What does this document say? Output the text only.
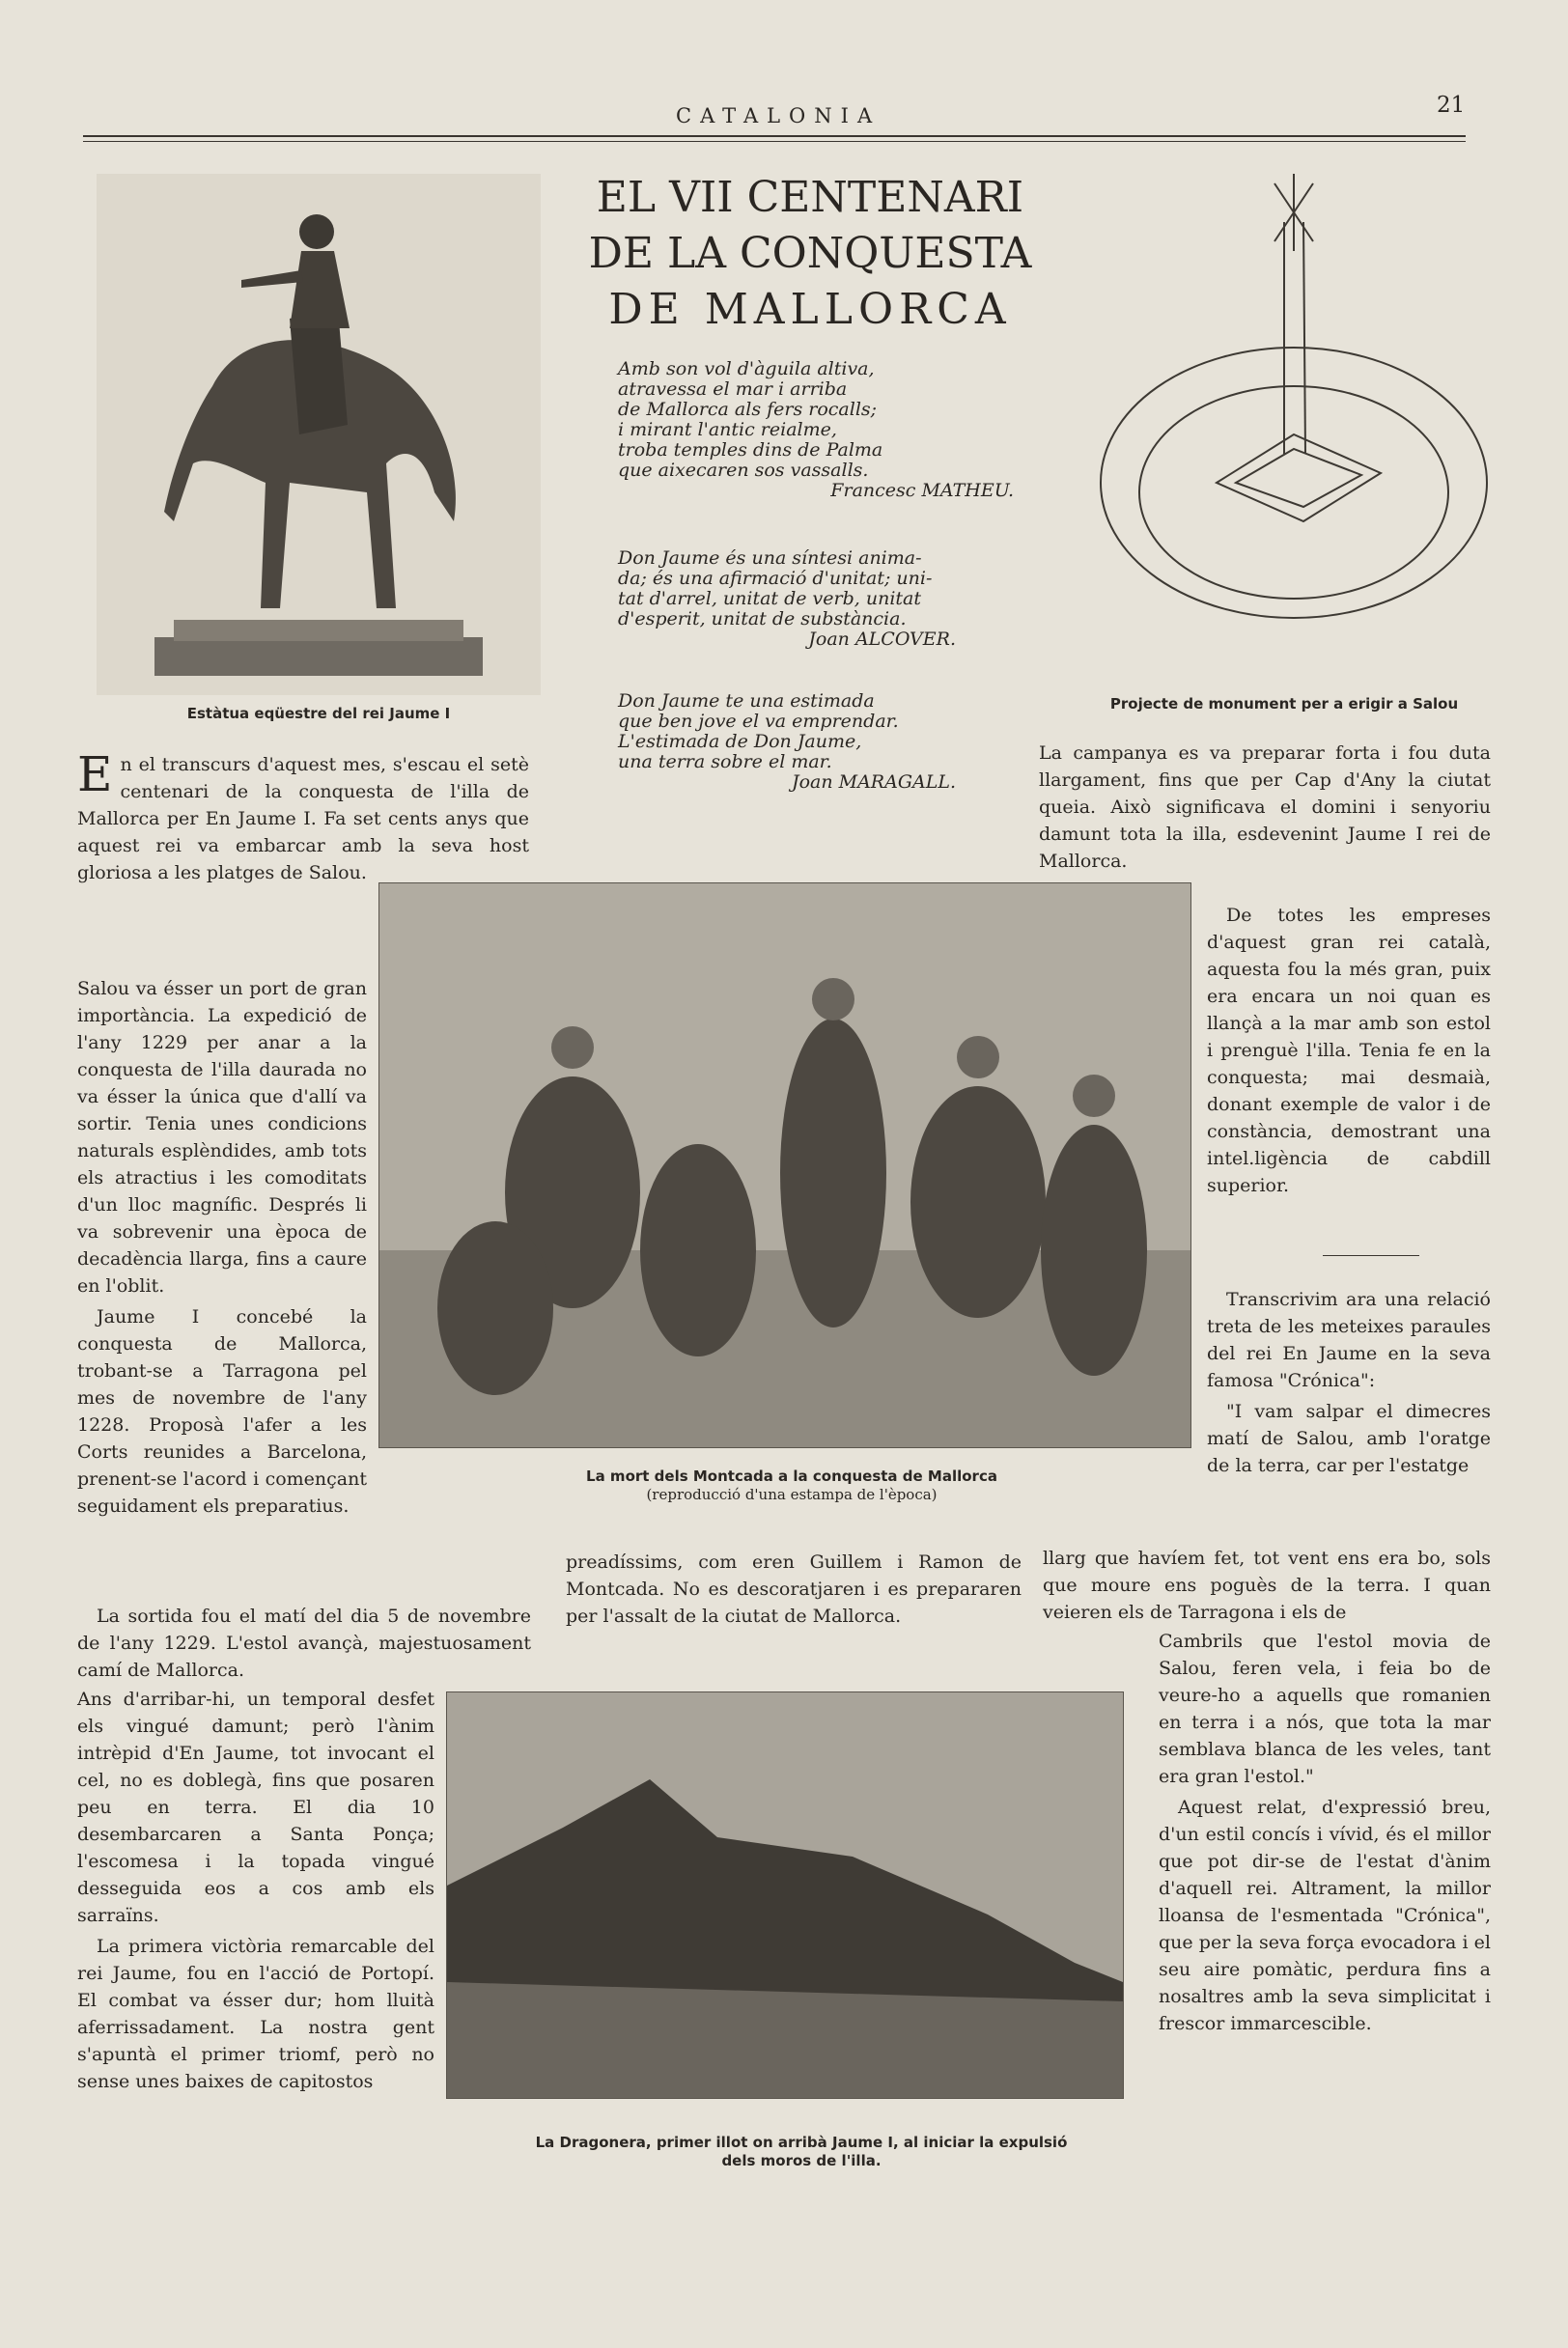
CATALONIA	21
Estàtua eqüestre del rei Jaume I
EL VII CENTENARI
DE LA CONQUESTA
DE MALLORCA
Amb son vol d'àguila altiva,
atravessa el mar i arriba
de Mallorca als fers rocalls;
i mirant l'antic reialme,
troba temples dins de Palma
que aixecaren sos vassalls.
Francesc MATHEU.
Don Jaume és una síntesi anima-
da; és una afirmació d'unitat; uni-
tat d'arrel, unitat de verb, unitat
d'esperit, unitat de substància.
Joan ALCOVER.
Don Jaume te una estimada
que ben jove el va emprendar.
L'estimada de Don Jaume,
una terra sobre el mar.
Joan MARAGALL.
Projecte de monument per a erigir a Salou
E n el transcurs d'aquest mes, s'escau el setè centenari de la conquesta de l'illa de Mallorca per En Jaume I. Fa set cents anys que aquest rei va embarcar amb la seva host gloriosa a les platges de Salou.

Salou va ésser un port de gran importància. La expedició de l'any 1229 per anar a la conquesta de l'illa daurada no va ésser la única que d'allí va sortir. Tenia unes condicions naturals esplèndides, amb tots els atractius i les comoditats d'un lloc magnífic. Després li va sobrevenir una època de decadència llarga, fins a caure en l'oblit.

Jaume I concebé la conquesta de Mallorca, trobant-se a Tarragona pel mes de novembre de l'any 1228. Proposà l'afer a les Corts reunides a Barcelona, prenent-se l'acord i començant seguidament els preparatius.

La sortida fou el matí del dia 5 de novembre de l'any 1229. L'estol avançà, majestuosament camí de Mallorca.

Ans d'arribar-hi, un temporal desfet els vingué damunt; però l'ànim intrèpid d'En Jaume, tot invocant el cel, no es doblegà, fins que posaren peu en terra. El dia 10 desembarcaren a Santa Ponça; l'escomesa i la topada vingué desseguida eos a cos amb els sarraïns.

La primera victòria remarcable del rei Jaume, fou en l'acció de Portopí. El combat va ésser dur; hom lluità aferrissadament. La nostra gent s'apuntà el primer triomf, però no sense unes baixes de capitostos

La mort dels Montcada a la conquesta de Mallorca
(reproducció d'una estampa de l'època)

preadíssims, com eren Guillem i Ramon de Montcada. No es descoratjaren i es prepararen per l'assalt de la ciutat de Mallorca.

La Dragonera, primer illot on arribà Jaume I, al iniciar la expulsió
dels moros de l'illa.

La campanya es va preparar forta i fou duta llargament, fins que per Cap d'Any la ciutat queia. Això significava el domini i senyoriu damunt tota la illa, esdevenint Jaume I rei de Mallorca.

De totes les empreses d'aquest gran rei català, aquesta fou la més gran, puix era encara un noi quan es llançà a la mar amb son estol i prenguè l'illa. Tenia fe en la conquesta; mai desmaià, donant exemple de valor i de constància, demostrant una intel.ligència de cabdill superior.

Transcrivim ara una relació treta de les meteixes paraules del rei En Jaume en la seva famosa "Crónica":

"I vam salpar el dimecres matí de Salou, amb l'oratge de la terra, car per l'estatge

llarg que havíem fet, tot vent ens era bo, sols que moure ens poguès de la terra. I quan veieren els de Tarragona i els de

Cambrils que l'estol movia de Salou, feren vela, i feia bo de veure-ho a aquells que romanien en terra i a nós, que tota la mar semblava blanca de les veles, tant era gran l'estol."

Aquest relat, d'expressió breu, d'un estil concís i vívid, és el millor que pot dir-se de l'estat d'ànim d'aquell rei. Altrament, la millor lloansa de l'esmentada "Crónica", que per la seva força evocadora i el seu aire pomàtic, perdura fins a nosaltres amb la seva simplicitat i frescor immarcescible.
